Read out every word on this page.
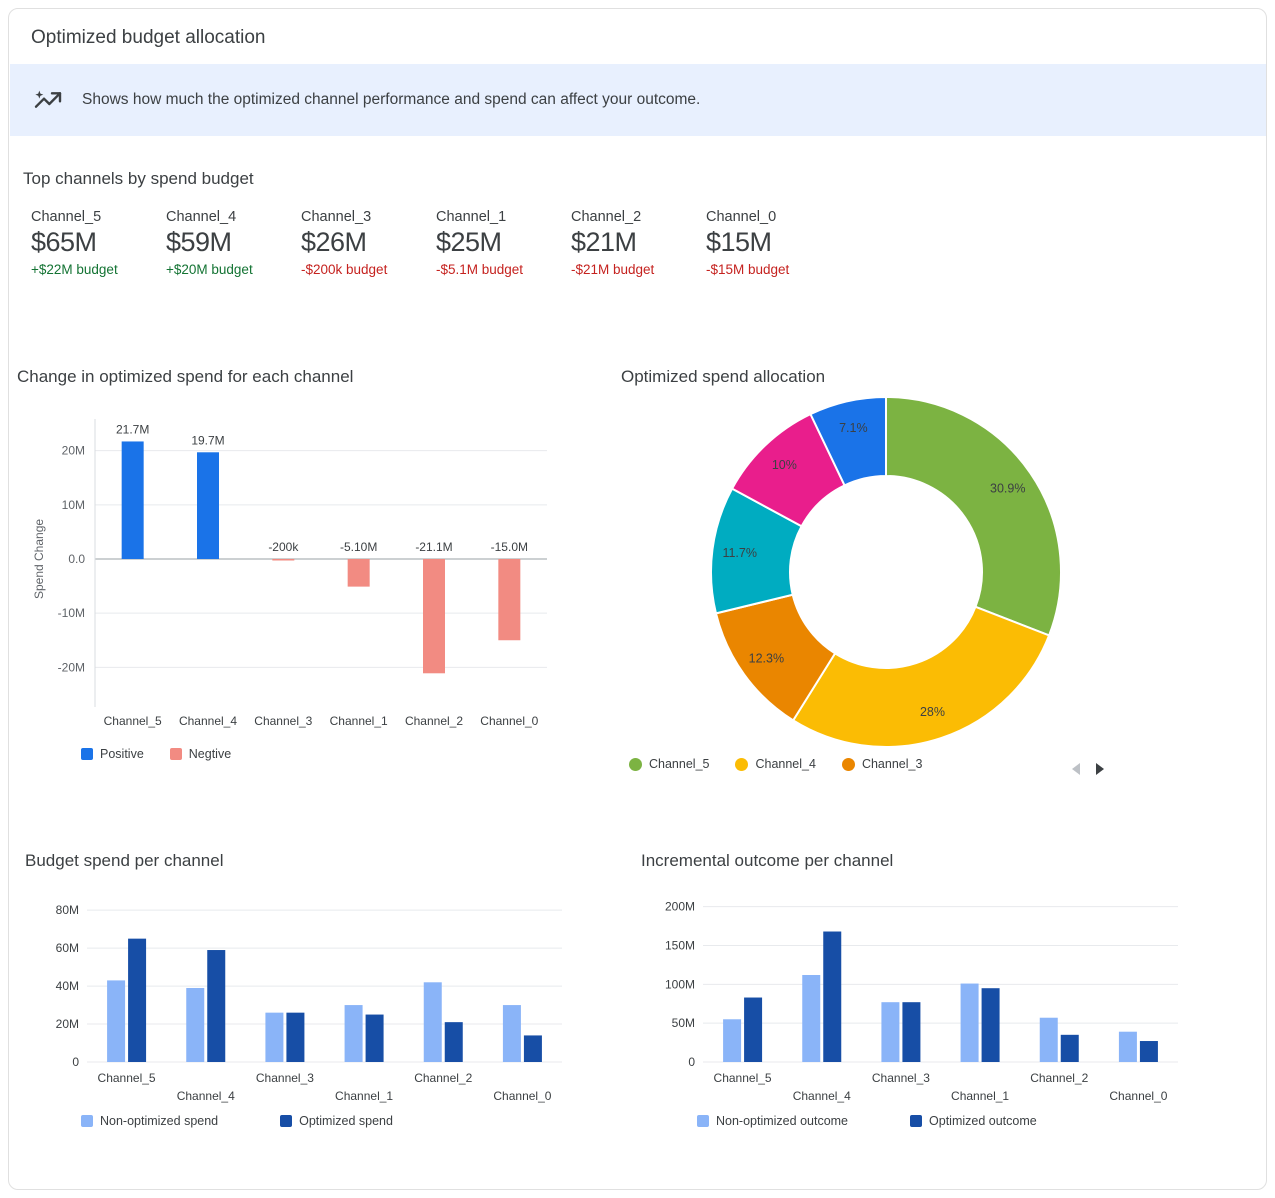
Optimized budget allocation
Shows how much the optimized channel performance and spend can affect your outcome.
Top channels by spend budget
Channel_5
$65M
+$22M budget
Channel_4
$59M
+$20M budget
Channel_3
$26M
-$200k budget
Channel_1
$25M
-$5.1M budget
Channel_2
$21M
-$21M budget
Channel_0
$15M
-$15M budget
Change in optimized spend for each channel
20M
10M
0.0
-10M
-20M
21.7M
Channel_5
19.7M
Channel_4
-200k
Channel_3
-5.10M
Channel_1
-21.1M
Channel_2
-15.0M
Channel_0
Spend Change
Positive	Negtive
Optimized spend allocation
30.9%
28%
12.3%
11.7%
10%
7.1%
Channel_5	Channel_4	Channel_3
Budget spend per channel
80M
60M
40M
20M
0
Channel_5
Channel_4
Channel_3
Channel_1
Channel_2
Channel_0
Non-optimized spend	Optimized spend
Incremental outcome per channel
200M
150M
100M
50M
0
Channel_5
Channel_4
Channel_3
Channel_1
Channel_2
Channel_0
Non-optimized outcome	Optimized outcome
